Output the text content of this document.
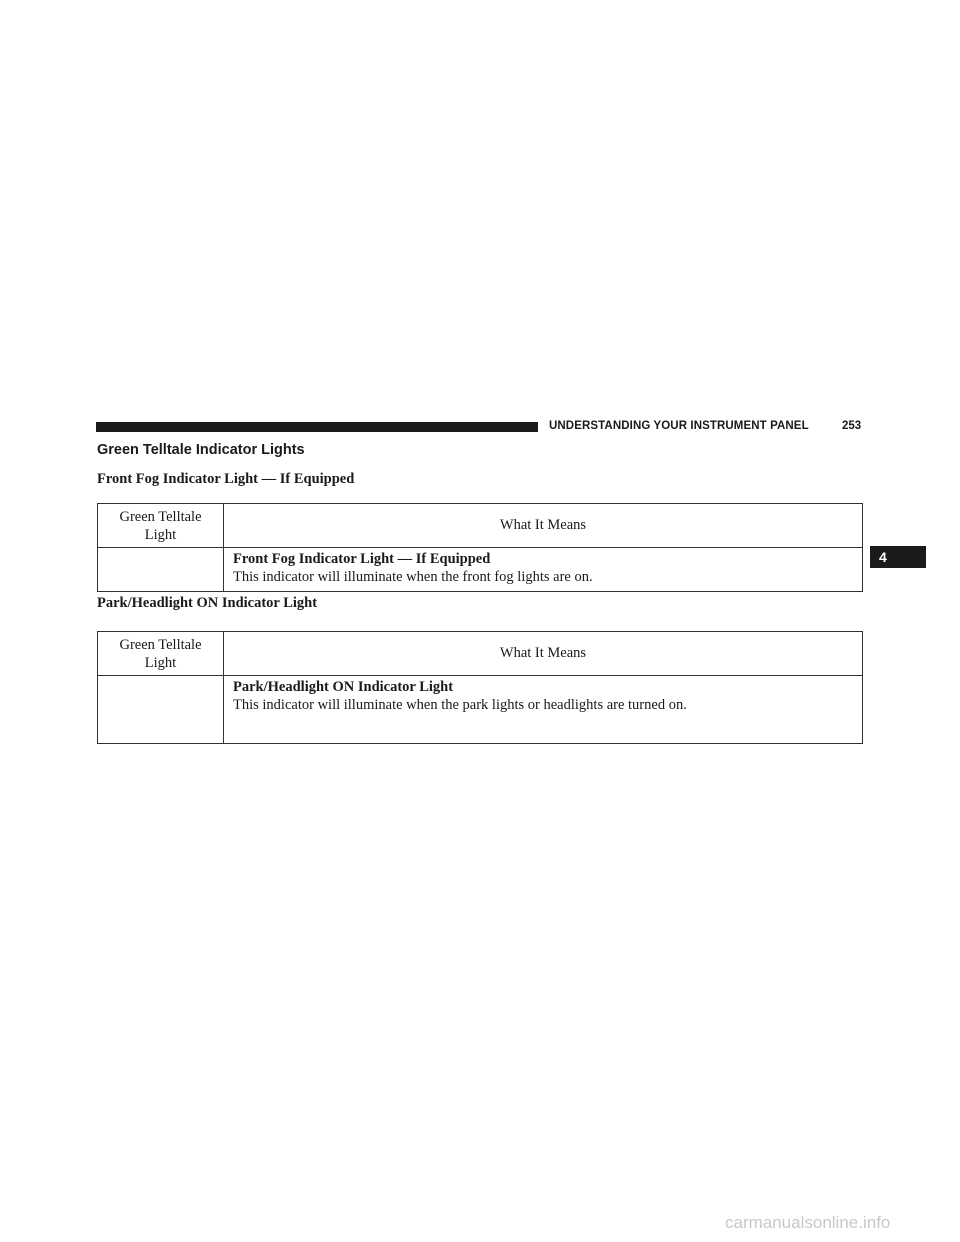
UNDERSTANDING YOUR INSTRUMENT PANEL	253
Green Telltale Indicator Lights
Front Fog Indicator Light — If Equipped
Green Telltale
Light	What It Means

	Front Fog Indicator Light — If Equipped
This indicator will illuminate when the front fog lights are on.
Park/Headlight ON Indicator Light
Green Telltale
Light	What It Means

	Park/Headlight ON Indicator Light
This indicator will illuminate when the park lights or headlights are turned on.
4
carmanualsonline.info
